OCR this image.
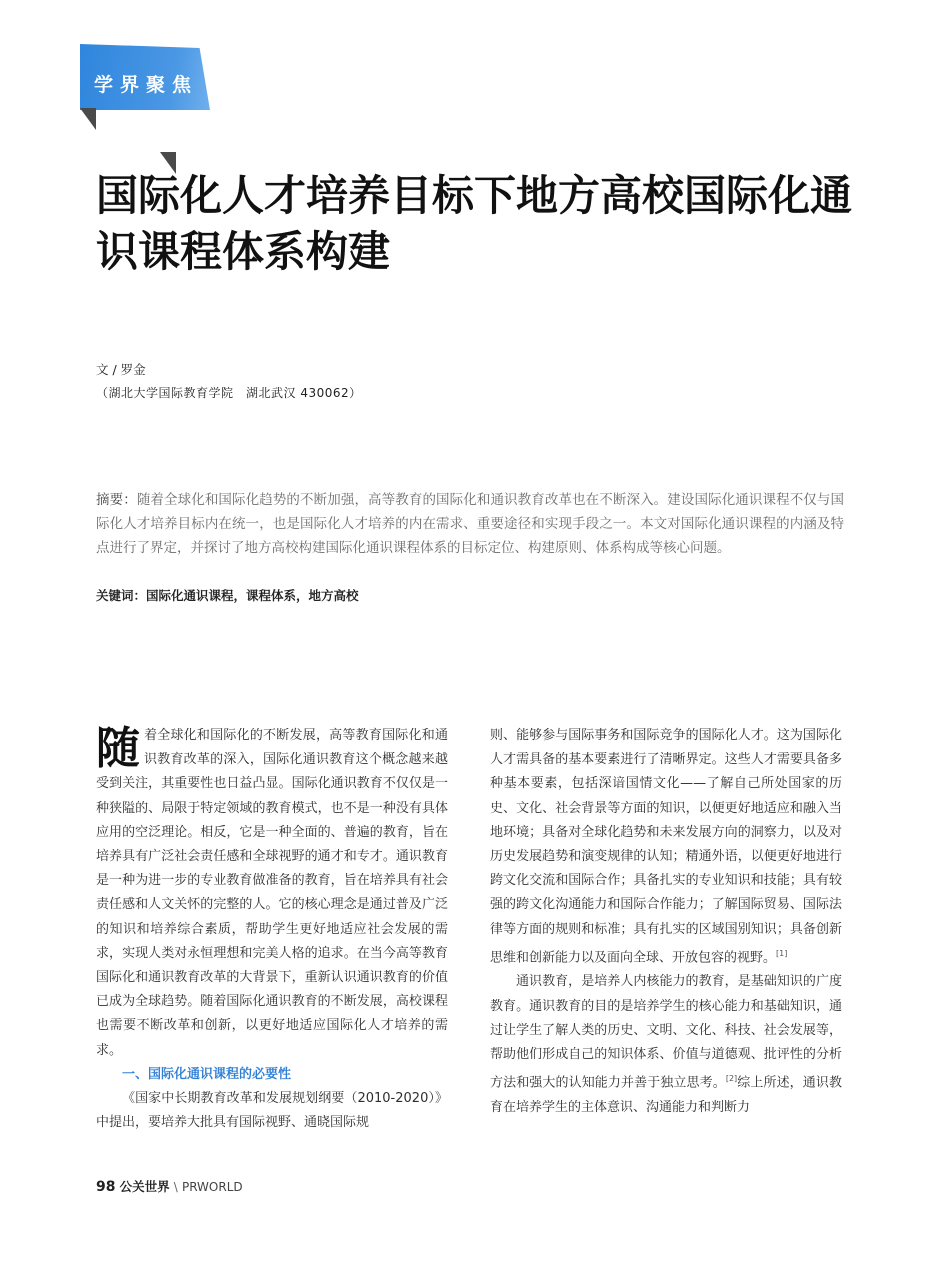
学界聚焦
国际化人才培养目标下地方高校国际化通识课程体系构建
文 / 罗金
（湖北大学国际教育学院　湖北武汉 430062）
摘要：随着全球化和国际化趋势的不断加强，高等教育的国际化和通识教育改革也在不断深入。建设国际化通识课程不仅与国际化人才培养目标内在统一，也是国际化人才培养的内在需求、重要途径和实现手段之一。本文对国际化通识课程的内涵及特点进行了界定，并探讨了地方高校构建国际化通识课程体系的目标定位、构建原则、体系构成等核心问题。
关键词：国际化通识课程，课程体系，地方高校

随着全球化和国际化的不断发展，高等教育国际化和通识教育改革的深入，国际化通识教育这个概念越来越受到关注，其重要性也日益凸显。国际化通识教育不仅仅是一种狭隘的、局限于特定领域的教育模式，也不是一种没有具体应用的空泛理论。相反，它是一种全面的、普遍的教育，旨在培养具有广泛社会责任感和全球视野的通才和专才。通识教育是一种为进一步的专业教育做准备的教育，旨在培养具有社会责任感和人文关怀的完整的人。它的核心理念是通过普及广泛的知识和培养综合素质，帮助学生更好地适应社会发展的需求，实现人类对永恒理想和完美人格的追求。在当今高等教育国际化和通识教育改革的大背景下，重新认识通识教育的价值已成为全球趋势。随着国际化通识教育的不断发展，高校课程也需要不断改革和创新，以更好地适应国际化人才培养的需求。

一、国际化通识课程的必要性

《国家中长期教育改革和发展规划纲要（2010-2020）》中提出，要培养大批具有国际视野、通晓国际规

则、能够参与国际事务和国际竞争的国际化人才。这为国际化人才需具备的基本要素进行了清晰界定。这些人才需要具备多种基本要素，包括深谙国情文化——了解自己所处国家的历史、文化、社会背景等方面的知识，以便更好地适应和融入当地环境；具备对全球化趋势和未来发展方向的洞察力，以及对历史发展趋势和演变规律的认知；精通外语，以便更好地进行跨文化交流和国际合作；具备扎实的专业知识和技能；具有较强的跨文化沟通能力和国际合作能力；了解国际贸易、国际法律等方面的规则和标准；具有扎实的区域国别知识；具备创新思维和创新能力以及面向全球、开放包容的视野。[1]

通识教育，是培养人内核能力的教育，是基础知识的广度教育。通识教育的目的是培养学生的核心能力和基础知识，通过让学生了解人类的历史、文明、文化、科技、社会发展等，帮助他们形成自己的知识体系、价值与道德观、批评性的分析方法和强大的认知能力并善于独立思考。[2]综上所述，通识教育在培养学生的主体意识、沟通能力和判断力

98 公关世界 \ PRWORLD
